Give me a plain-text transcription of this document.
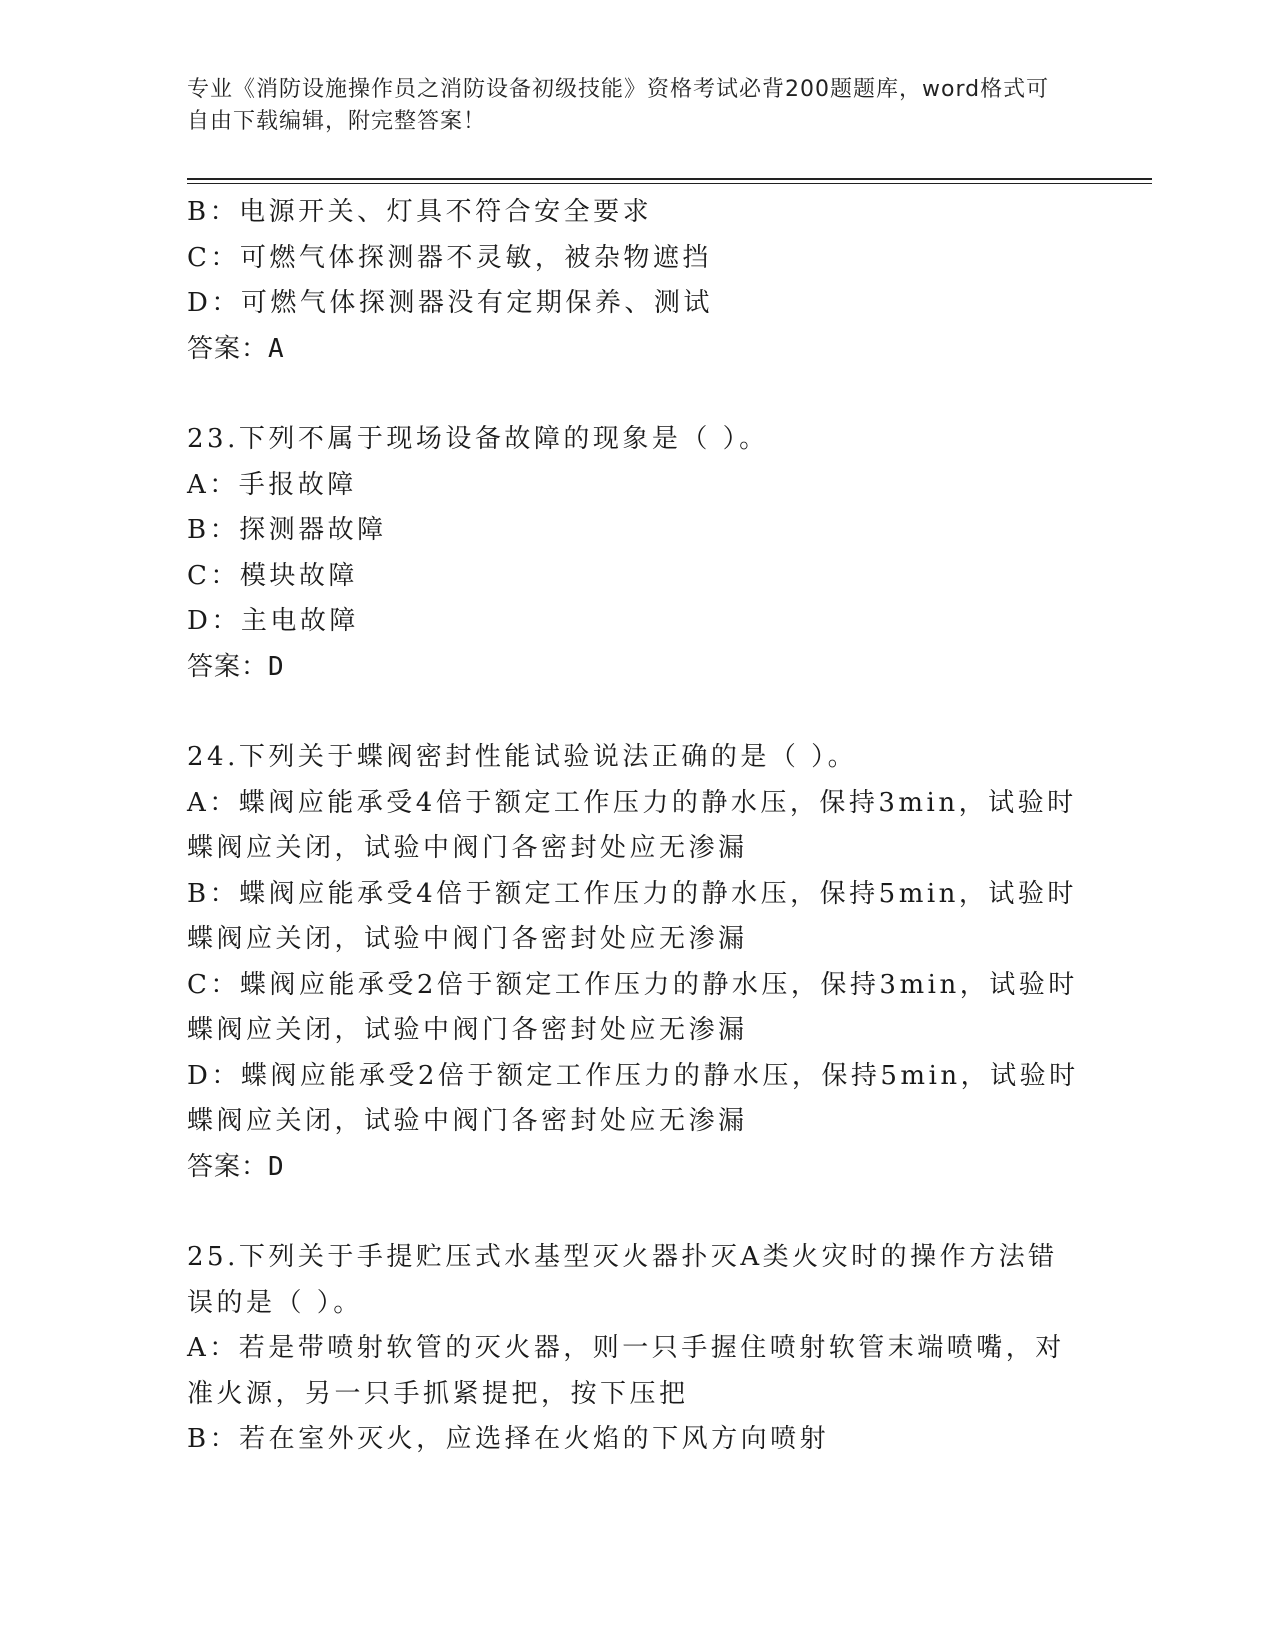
专业《消防设施操作员之消防设备初级技能》资格考试必背200题题库，word格式可自由下载编辑，附完整答案！
B：电源开关、灯具不符合安全要求
C：可燃气体探测器不灵敏，被杂物遮挡
D：可燃气体探测器没有定期保养、测试
答案：A
23.下列不属于现场设备故障的现象是（ ）。
A：手报故障
B：探测器故障
C：模块故障
D：主电故障
答案：D
24.下列关于蝶阀密封性能试验说法正确的是（ ）。
A：蝶阀应能承受4倍于额定工作压力的静水压，保持3min，试验时蝶阀应关闭，试验中阀门各密封处应无渗漏
B：蝶阀应能承受4倍于额定工作压力的静水压，保持5min，试验时蝶阀应关闭，试验中阀门各密封处应无渗漏
C：蝶阀应能承受2倍于额定工作压力的静水压，保持3min，试验时蝶阀应关闭，试验中阀门各密封处应无渗漏
D：蝶阀应能承受2倍于额定工作压力的静水压，保持5min，试验时蝶阀应关闭，试验中阀门各密封处应无渗漏
答案：D
25.下列关于手提贮压式水基型灭火器扑灭A类火灾时的操作方法错误的是（ ）。
A：若是带喷射软管的灭火器，则一只手握住喷射软管末端喷嘴，对准火源，另一只手抓紧提把，按下压把
B：若在室外灭火，应选择在火焰的下风方向喷射
